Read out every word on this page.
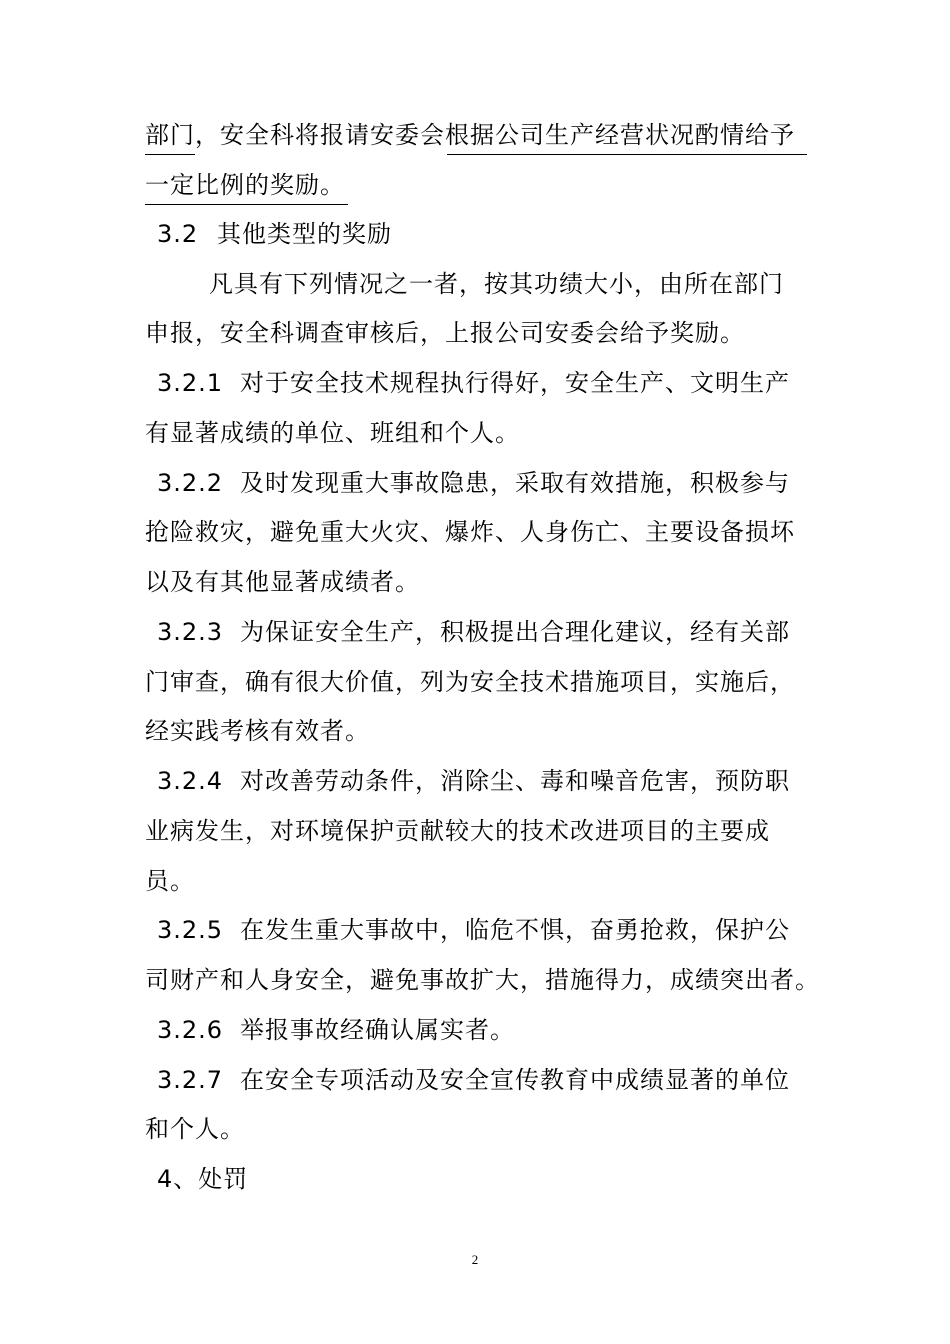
部门，安全科将报请安委会根据公司生产经营状况酌情给予
一定比例的奖励。
3.2 其他类型的奖励
凡具有下列情况之一者，按其功绩大小，由所在部门
申报，安全科调查审核后，上报公司安委会给予奖励。
3.2.1 对于安全技术规程执行得好，安全生产、文明生产
有显著成绩的单位、班组和个人。
3.2.2 及时发现重大事故隐患，采取有效措施，积极参与
抢险救灾，避免重大火灾、爆炸、人身伤亡、主要设备损坏
以及有其他显著成绩者。
3.2.3 为保证安全生产，积极提出合理化建议，经有关部
门审查，确有很大价值，列为安全技术措施项目，实施后，
经实践考核有效者。
3.2.4 对改善劳动条件，消除尘、毒和噪音危害，预防职
业病发生，对环境保护贡献较大的技术改进项目的主要成
员。
3.2.5 在发生重大事故中，临危不惧，奋勇抢救，保护公
司财产和人身安全，避免事故扩大，措施得力，成绩突出者。
3.2.6 举报事故经确认属实者。
3.2.7 在安全专项活动及安全宣传教育中成绩显著的单位
和个人。
4、处罚
2
